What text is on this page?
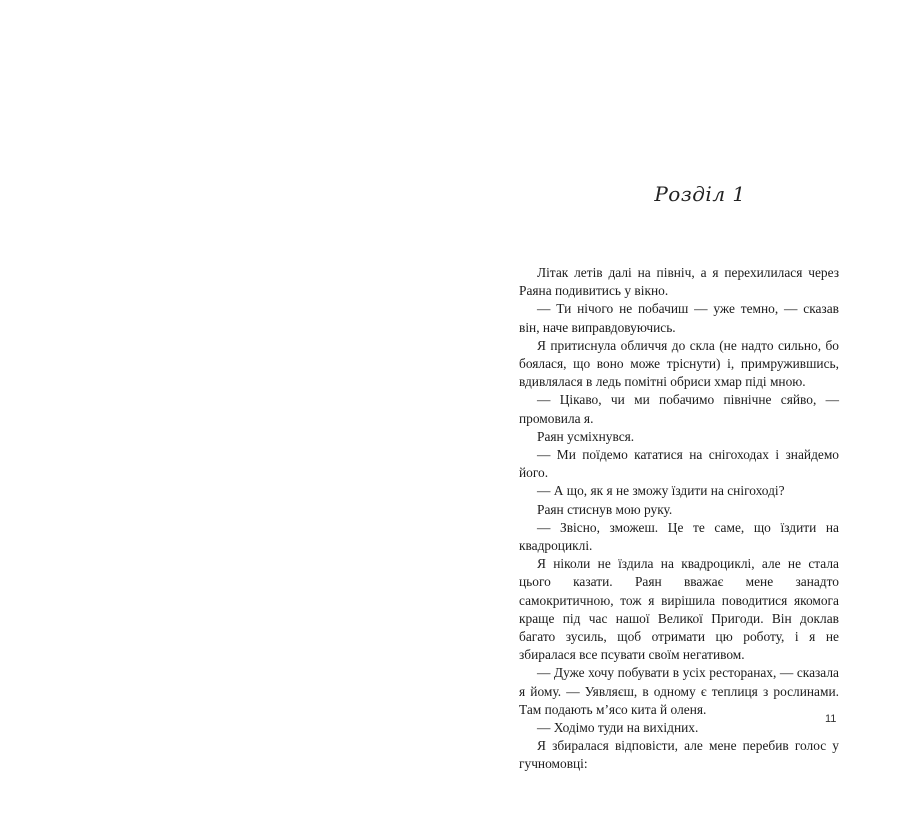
Розділ 1

Літак летів далі на північ, а я перехилилася через Раяна подивитись у вікно.

— Ти нічого не побачиш — уже темно, — сказав він, наче виправдовуючись.

Я притиснула обличчя до скла (не надто сильно, бо боялася, що воно може тріснути) і, примружившись, вдивлялася в ледь помітні обриси хмар піді мною.

— Цікаво, чи ми побачимо північне сяйво, — промовила я.

Раян усміхнувся.

— Ми поїдемо кататися на снігоходах і знайдемо його.

— А що, як я не зможу їздити на снігоході?

Раян стиснув мою руку.

— Звісно, зможеш. Це те саме, що їздити на квадроциклі.

Я ніколи не їздила на квадроциклі, але не стала цього казати. Раян вважає мене занадто самокритичною, тож я вирішила поводитися якомога краще під час нашої Великої Пригоди. Він доклав багато зусиль, щоб отримати цю роботу, і я не збиралася все псувати своїм негативом.

— Дуже хочу побувати в усіх ресторанах, — сказала я йому. — Уявляєш, в одному є теплиця з рослинами. Там подають м’ясо кита й оленя.

— Ходімо туди на вихідних.

Я збиралася відповісти, але мене перебив голос у гучномовці:

11
